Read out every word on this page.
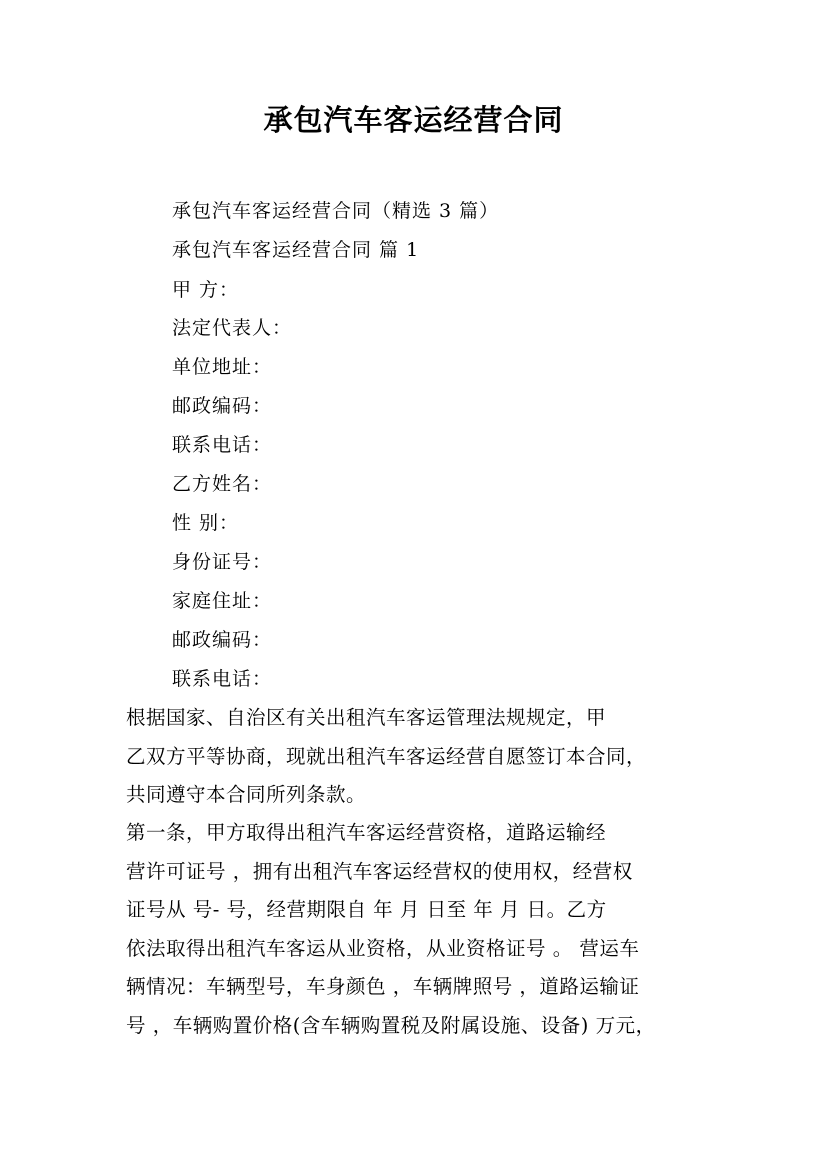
承包汽车客运经营合同
承包汽车客运经营合同（精选 3 篇）
承包汽车客运经营合同 篇 1
甲 方：
法定代表人：
单位地址：
邮政编码：
联系电话：
乙方姓名：
性 别：
身份证号：
家庭住址：
邮政编码：
联系电话：
根据国家、自治区有关出租汽车客运管理法规规定，甲
乙双方平等协商，现就出租汽车客运经营自愿签订本合同，
共同遵守本合同所列条款。
第一条，甲方取得出租汽车客运经营资格，道路运输经
营许可证号 ，拥有出租汽车客运经营权的使用权，经营权
证号从 号- 号，经营期限自 年 月 日至 年 月 日。乙方
依法取得出租汽车客运从业资格，从业资格证号 。 营运车
辆情况：车辆型号，车身颜色 ，车辆牌照号 ，道路运输证
号 ，车辆购置价格(含车辆购置税及附属设施、设备) 万元，
